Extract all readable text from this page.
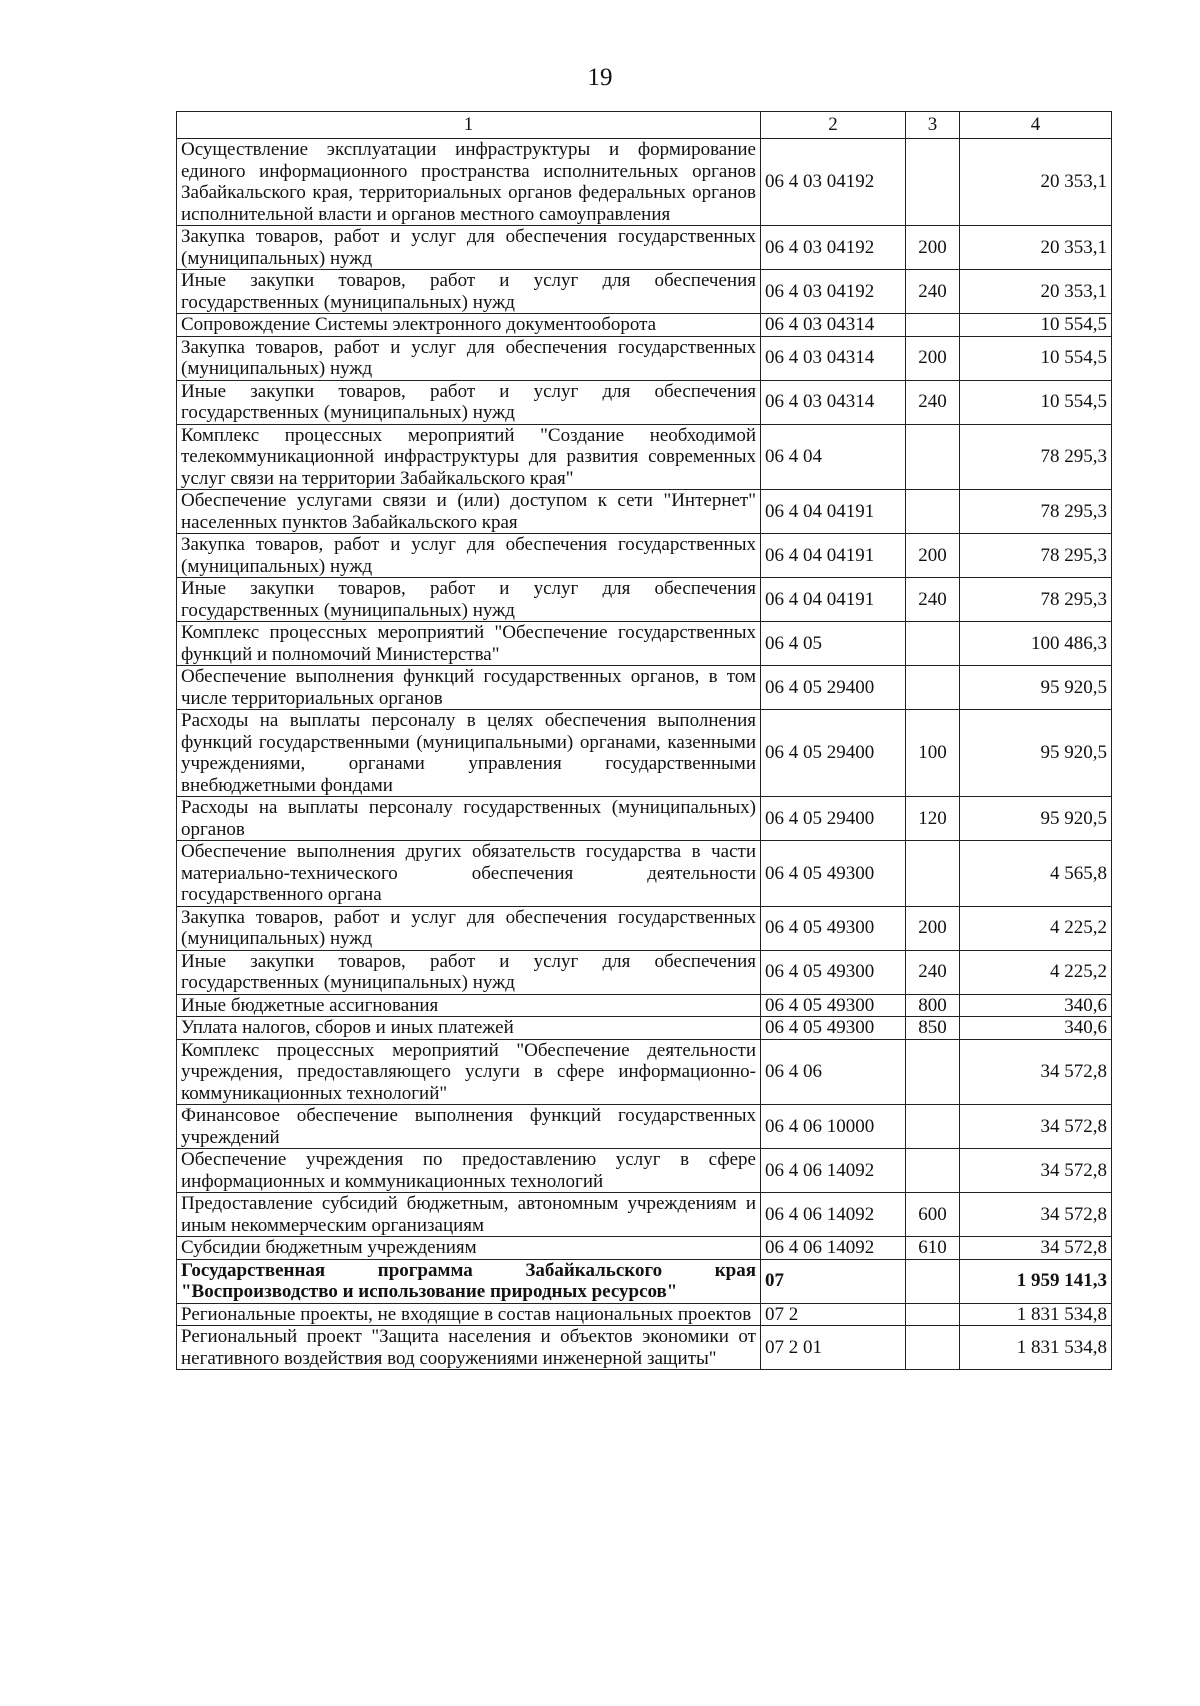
19
1	2	3	4
Осуществление эксплуатации инфраструктуры и формирование единого информационного пространства исполнительных органов Забайкальского края, территориальных органов федеральных органов исполнительной власти и органов местного самоуправления	06 4 03 04192		20 353,1
Закупка товаров, работ и услуг для обеспечения государственных (муниципальных) нужд	06 4 03 04192	200	20 353,1
Иные закупки товаров, работ и услуг для обеспечения государственных (муниципальных) нужд	06 4 03 04192	240	20 353,1
Сопровождение Системы электронного документооборота	06 4 03 04314		10 554,5
Закупка товаров, работ и услуг для обеспечения государственных (муниципальных) нужд	06 4 03 04314	200	10 554,5
Иные закупки товаров, работ и услуг для обеспечения государственных (муниципальных) нужд	06 4 03 04314	240	10 554,5
Комплекс процессных мероприятий "Создание необходимой телекоммуникационной инфраструктуры для развития современных услуг связи на территории Забайкальского края"	06 4 04		78 295,3
Обеспечение услугами связи и (или) доступом к сети "Интернет" населенных пунктов Забайкальского края	06 4 04 04191		78 295,3
Закупка товаров, работ и услуг для обеспечения государственных (муниципальных) нужд	06 4 04 04191	200	78 295,3
Иные закупки товаров, работ и услуг для обеспечения государственных (муниципальных) нужд	06 4 04 04191	240	78 295,3
Комплекс процессных мероприятий "Обеспечение государственных функций и полномочий Министерства"	06 4 05		100 486,3
Обеспечение выполнения функций государственных органов, в том числе территориальных органов	06 4 05 29400		95 920,5
Расходы на выплаты персоналу в целях обеспечения выполнения функций государственными (муниципальными) органами, казенными учреждениями, органами управления государственными внебюджетными фондами	06 4 05 29400	100	95 920,5
Расходы на выплаты персоналу государственных (муниципальных) органов	06 4 05 29400	120	95 920,5
Обеспечение выполнения других обязательств государства в части материально-технического обеспечения деятельности государственного органа	06 4 05 49300		4 565,8
Закупка товаров, работ и услуг для обеспечения государственных (муниципальных) нужд	06 4 05 49300	200	4 225,2
Иные закупки товаров, работ и услуг для обеспечения государственных (муниципальных) нужд	06 4 05 49300	240	4 225,2
Иные бюджетные ассигнования	06 4 05 49300	800	340,6
Уплата налогов, сборов и иных платежей	06 4 05 49300	850	340,6
Комплекс процессных мероприятий "Обеспечение деятельности учреждения, предоставляющего услуги в сфере информационно-коммуникационных технологий"	06 4 06		34 572,8
Финансовое обеспечение выполнения функций государственных учреждений	06 4 06 10000		34 572,8
Обеспечение учреждения по предоставлению услуг в сфере информационных и коммуникационных технологий	06 4 06 14092		34 572,8
Предоставление субсидий бюджетным, автономным учреждениям и иным некоммерческим организациям	06 4 06 14092	600	34 572,8
Субсидии бюджетным учреждениям	06 4 06 14092	610	34 572,8
Государственная программа Забайкальского края "Воспроизводство и использование природных ресурсов"	07		1 959 141,3
Региональные проекты, не входящие в состав национальных проектов	07 2		1 831 534,8
Региональный проект "Защита населения и объектов экономики от негативного воздействия вод сооружениями инженерной защиты"	07 2 01		1 831 534,8
